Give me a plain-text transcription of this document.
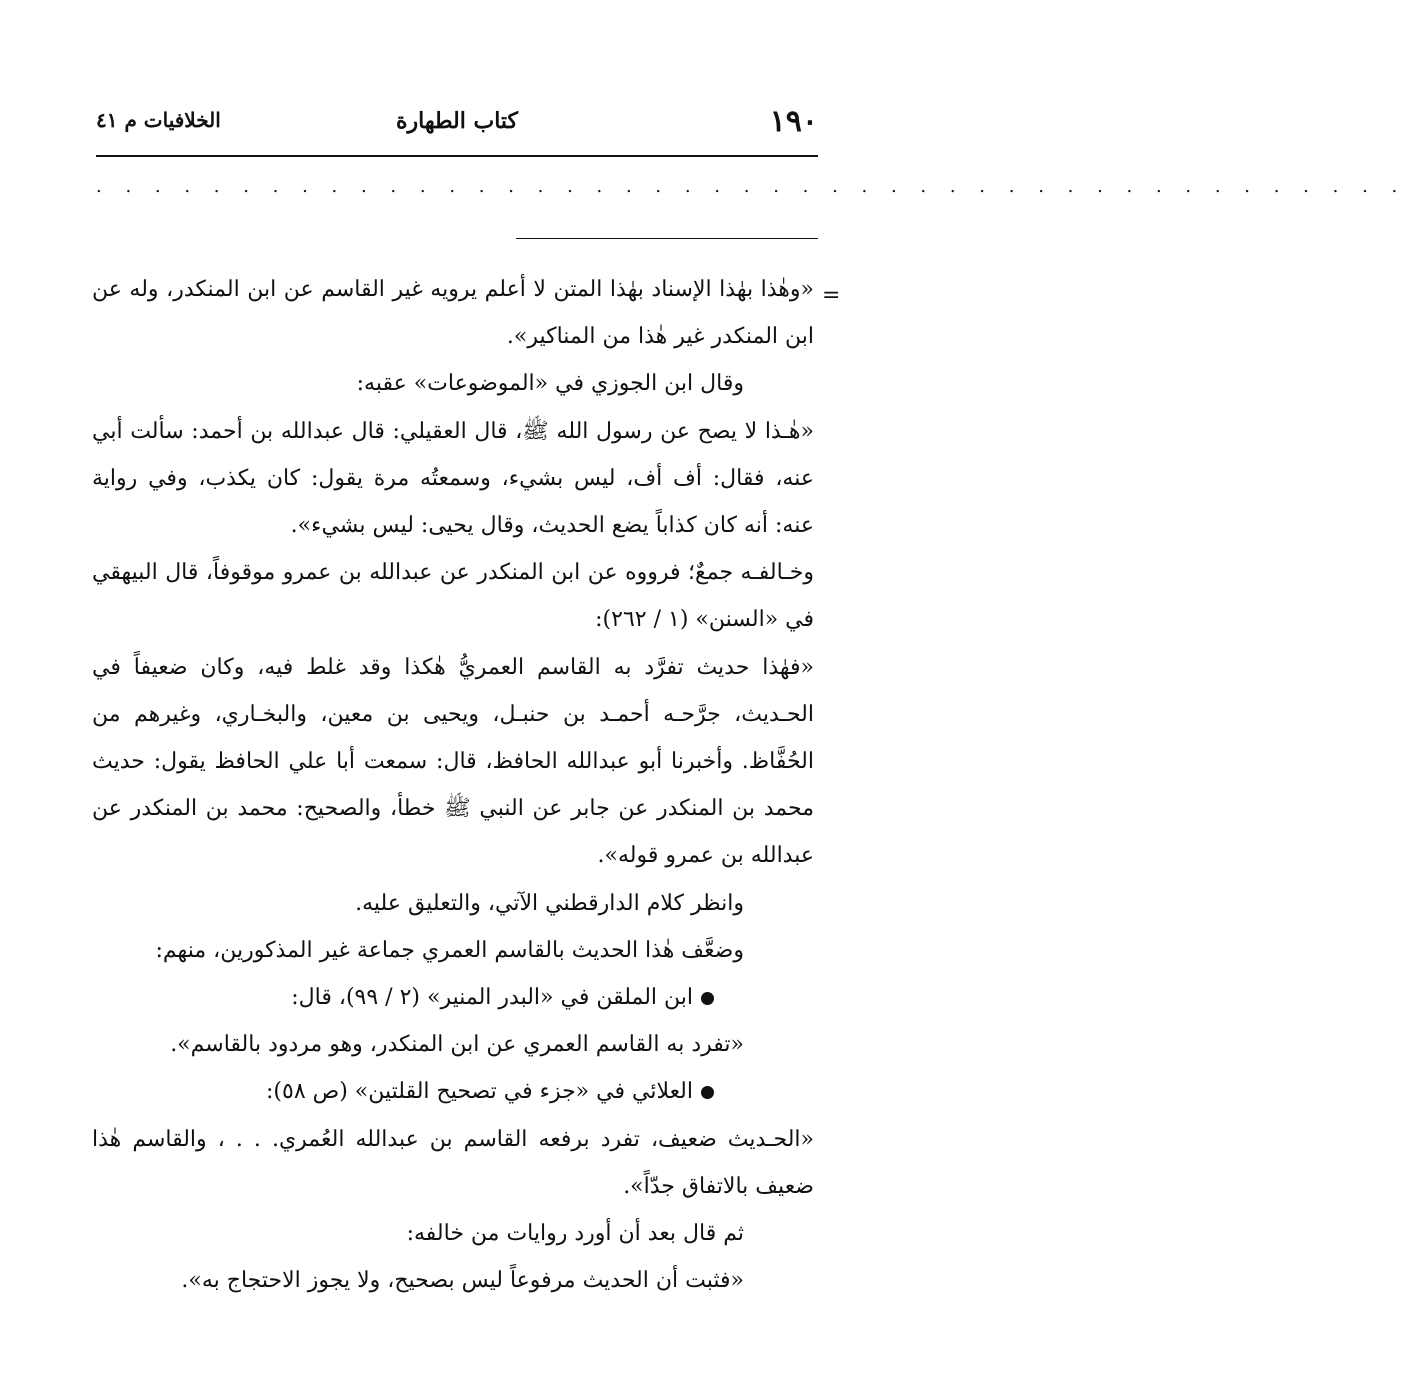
١٩٠
كتاب الطهارة
الخلافيات م ٤١
. . . . . . . . . . . . . . . . . . . . . . . . . . . . . . . . . . . . . . . . . . . . .
=

«وهٰذا بهٰذا الإسناد بهٰذا المتن لا أعلم يرويه غير القاسم عن ابن المنكدر، وله عن ابن المنكدر غير هٰذا من المناكير».

وقال ابن الجوزي في «الموضوعات» عقبه:

«هٰـذا لا يصح عن رسول الله ﷺ، قال العقيلي: قال عبدالله بن أحمد: سألت أبي عنه، فقال: أف أف، ليس بشيء، وسمعتُه مرة يقول: كان يكذب، وفي رواية عنه: أنه كان كذاباً يضع الحديث، وقال يحيى: ليس بشيء».

وخـالفـه جمعٌ؛ فرووه عن ابن المنكدر عن عبدالله بن عمرو موقوفاً، قال البيهقي في «السنن» (١ / ٢٦٢):

«فهٰذا حديث تفرَّد به القاسم العمريُّ هٰكذا وقد غلط فيه، وكان ضعيفاً في الحـديث، جرَّحـه أحمـد بن حنبـل، ويحيى بن معين، والبخـاري، وغيرهم من الحُفَّاظ. وأخبرنا أبو عبدالله الحافظ، قال: سمعت أبا علي الحافظ يقول: حديث محمد بن المنكدر عن جابر عن النبي ﷺ خطأ، والصحيح: محمد بن المنكدر عن عبدالله بن عمرو قوله».

وانظر كلام الدارقطني الآتي، والتعليق عليه.

وضعَّف هٰذا الحديث بالقاسم العمري جماعة غير المذكورين، منهم:

ابن الملقن في «البدر المنير» (٢ / ٩٩)، قال:

«تفرد به القاسم العمري عن ابن المنكدر، وهو مردود بالقاسم».

العلائي في «جزء في تصحيح القلتين» (ص ٥٨):

«الحـديث ضعيف، تفرد برفعه القاسم بن عبدالله العُمري. . . ، والقاسم هٰذا ضعيف بالاتفاق جدّاً».

ثم قال بعد أن أورد روايات من خالفه:

«فثبت أن الحديث مرفوعاً ليس بصحيح، ولا يجوز الاحتجاج به».
